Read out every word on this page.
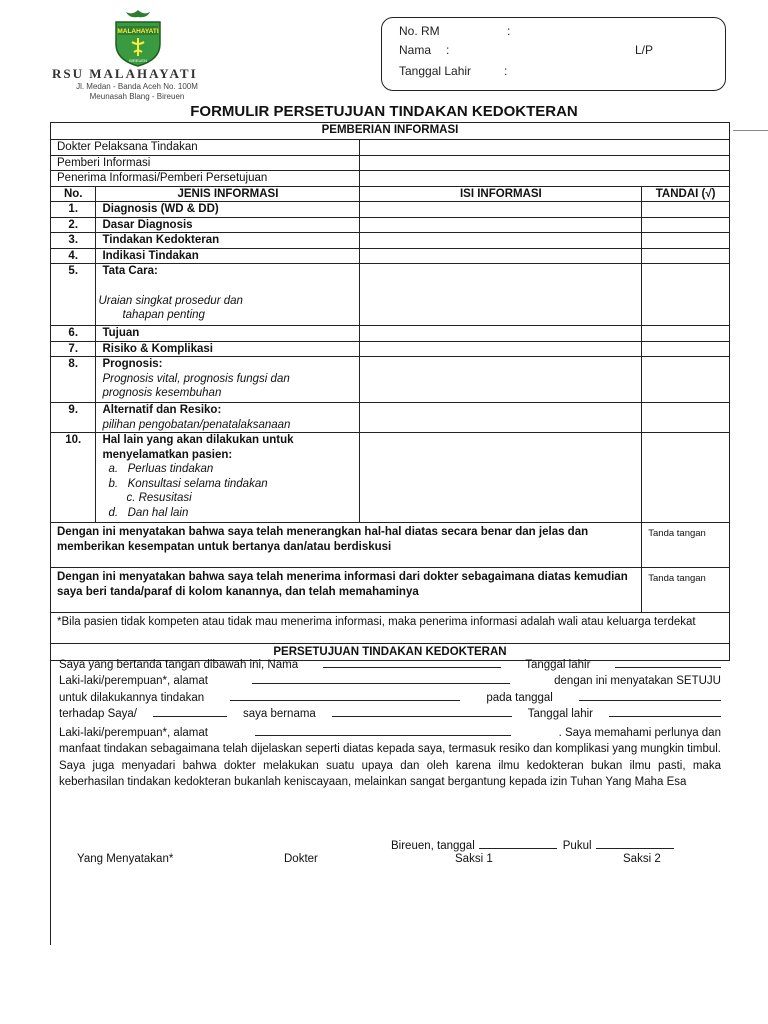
MALAHAYATI
BIREUEN
RSU MALAHAYATI
Jl. Medan - Banda Aceh No. 100M
Meunasah Blang - Bireuen
No. RM	:
Nama :	L/P
Tanggal Lahir	:
FORMULIR PERSETUJUAN TINDAKAN KEDOKTERAN
PEMBERIAN INFORMASI			
Dokter Pelaksana Tindakan			
Pemberi Informasi			
Penerima Informasi/Pemberi Persetujuan			
No.	JENIS INFORMASI	ISI INFORMASI	TANDAI (√)
1.	Diagnosis (WD & DD)		
2.	Dasar Diagnosis		
3.	Tindakan Kedokteran		
4.	Indikasi Tindakan		
5.	Tata Cara:
Uraian singkat prosedur dan
tahapan penting		

6.	Tujuan		
7.	Risiko & Komplikasi		
8.	Prognosis:
Prognosis vital, prognosis fungsi dan
prognosis kesembuhan		

9.	Alternatif dan Resiko:
pilihan pengobatan/penatalaksanaan		

10.	Hal lain yang akan dilakukan untuk menyelamatkan pasien:
a. Perluas tindakan
b. Konsultasi selama tindakan
c. Resusitasi
d. Dan hal lain		

Dengan ini menyatakan bahwa saya telah menerangkan hal-hal diatas secara benar dan jelas dan memberikan kesempatan untuk bertanya dan/atau berdiskusi			Tanda tangan
Dengan ini menyatakan bahwa saya telah menerima informasi dari dokter sebagaimana diatas kemudian saya beri tanda/paraf di kolom kanannya, dan telah memahaminya			Tanda tangan
*Bila pasien tidak kompeten atau tidak mau menerima informasi, maka penerima informasi adalah wali atau keluarga terdekat			
PERSETUJUAN TINDAKAN KEDOKTERAN			
Saya yang bertanda tangan dibawah ini, Nama	Tanggal lahir
Laki-laki/perempuan*, alamat	dengan ini menyatakan SETUJU
untuk dilakukannya tindakan	pada tanggal
terhadap Saya/	saya bernama	Tanggal lahir
Laki-laki/perempuan*, alamat	. Saya memahami perlunya dan
manfaat tindakan sebagaimana telah dijelaskan seperti diatas kepada saya, termasuk resiko dan komplikasi yang mungkin timbul. Saya juga menyadari bahwa dokter melakukan suatu upaya dan oleh karena ilmu kedokteran bukan ilmu pasti, maka keberhasilan tindakan kedokteran bukanlah keniscayaan, melainkan sangat bergantung kepada izin Tuhan Yang Maha Esa
Bireuen, tanggal	Pukul
Yang Menyatakan*	Dokter	Saksi 1	Saksi 2
